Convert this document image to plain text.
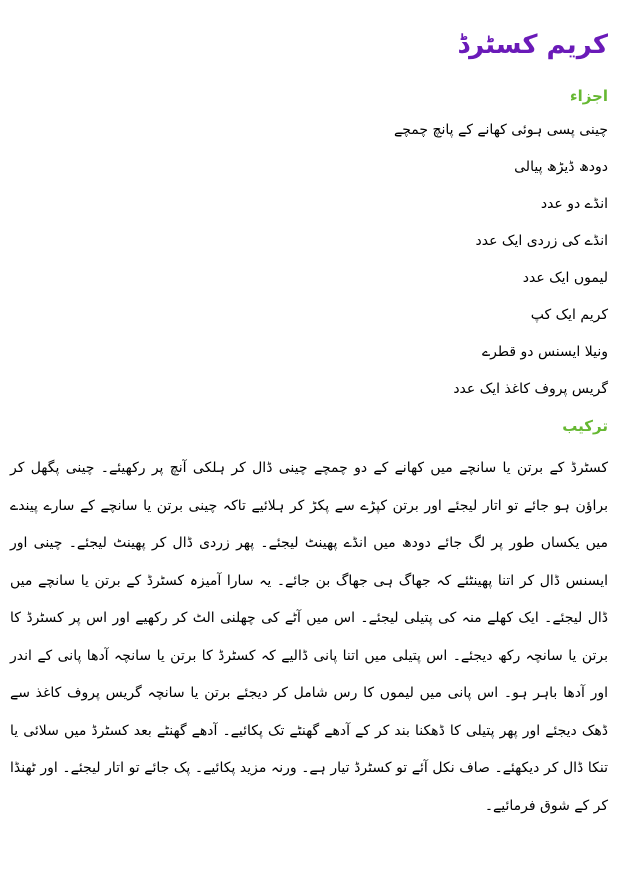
کریم کسٹرڈ
اجزاء
چینی پسی ہوئی کھانے کے پانچ چمچے
دودھ ڈیڑھ پیالی
انڈے دو عدد
انڈے کی زردی ایک عدد
لیموں ایک عدد
کریم ایک کپ
ونیلا ایسنس دو قطرے
گریس پروف کاغذ ایک عدد
ترکیب

کسٹرڈ کے برتن یا سانچے میں کھانے کے دو چمچے چینی ڈال کر ہلکی آنچ پر رکھیئے۔ چینی پگھل کر براؤن ہو جائے تو اتار لیجئے اور برتن کپڑے سے پکڑ کر ہلائیے تاکہ چینی برتن یا سانچے کے سارے پیندے میں یکساں طور پر لگ جائے دودھ میں انڈے پھینٹ لیجئے۔ پھر زردی ڈال کر پھینٹ لیجئے۔ چینی اور ایسنس ڈال کر اتنا پھینٹئے کہ جھاگ ہی جھاگ بن جائے۔ یہ سارا آمیزہ کسٹرڈ کے برتن یا سانچے میں ڈال لیجئے۔ ایک کھلے منہ کی پتیلی لیجئے۔ اس میں آٹے کی چھلنی الٹ کر رکھیے اور اس پر کسٹرڈ کا برتن یا سانچہ رکھ دیجئے۔ اس پتیلی میں اتنا پانی ڈالیے کہ کسٹرڈ کا برتن یا سانچہ آدھا پانی کے اندر اور آدھا باہر ہو۔ اس پانی میں لیموں کا رس شامل کر دیجئے برتن یا سانچہ گریس پروف کاغذ سے ڈھک دیجئے اور پھر پتیلی کا ڈھکنا بند کر کے آدھے گھنٹے تک پکائیے۔ آدھے گھنٹے بعد کسٹرڈ میں سلائی یا تنکا ڈال کر دیکھئے۔ صاف نکل آئے تو کسٹرڈ تیار ہے۔ ورنہ مزید پکائیے۔ پک جائے تو اتار لیجئے۔ اور ٹھنڈا کر کے شوق فرمائیے۔
